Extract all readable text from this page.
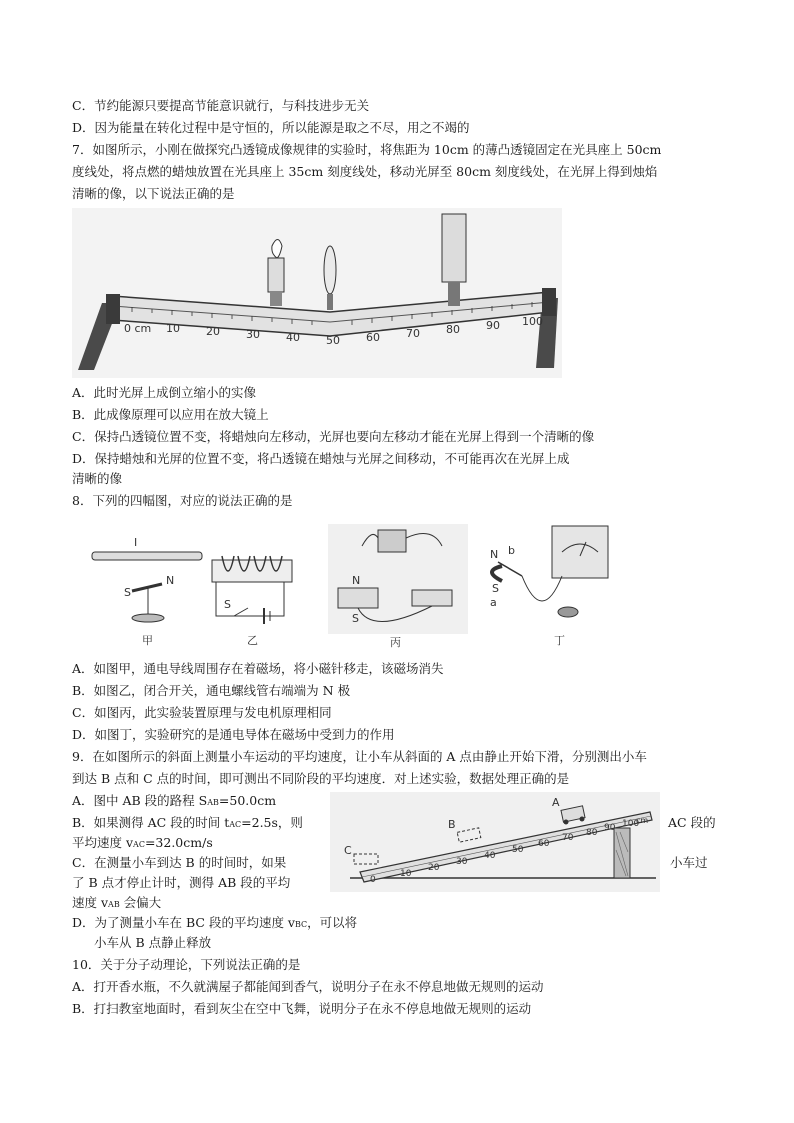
C．节约能源只要提高节能意识就行，与科技进步无关
D．因为能量在转化过程中是守恒的，所以能源是取之不尽，用之不竭的
7．如图所示，小刚在做探究凸透镜成像规律的实验时，将焦距为 10cm 的薄凸透镜固定在光具座上 50cm
度线处，将点燃的蜡烛放置在光具座上 35cm 刻度线处，移动光屏至 80cm 刻度线处，在光屏上得到烛焰
清晰的像，以下说法正确的是
0 cm 10 20 30 40 50 60 70 80 90 100
A．此时光屏上成倒立缩小的实像
B．此成像原理可以应用在放大镜上
C．保持凸透镜位置不变，将蜡烛向左移动，光屏也要向左移动才能在光屏上得到一个清晰的像
D．保持蜡烛和光屏的位置不变，将凸透镜在蜡烛与光屏之间移动，不可能再次在光屏上成
清晰的像
8．下列的四幅图，对应的说法正确的是
I
S
N
甲
S
乙
N
S
丙
N b
S
a
丁
A．如图甲，通电导线周围存在着磁场，将小磁针移走，该磁场消失
B．如图乙，闭合开关，通电螺线管右端端为 N 极
C．如图丙，此实验装置原理与发电机原理相同
D．如图丁，实验研究的是通电导体在磁场中受到力的作用
9．在如图所示的斜面上测量小车运动的平均速度，让小车从斜面的 A 点由静止开始下滑，分别测出小车
到达 B 点和 C 点的时间，即可测出不同阶段的平均速度．对上述实验，数据处理正确的是
A．图中 AB 段的路程 SAB=50.0cm
B．如果测得 AC 段的时间 tAC=2.5s，则	AC 段的
平均速度 vAC=32.0cm/s
C．在测量小车到达 B 的时间时，如果	小车过
了 B 点才停止计时，测得 AB 段的平均
速度 vAB 会偏大
D．为了测量小车在 BC 段的平均速度 vBC，可以将
小车从 B 点静止释放
0
10
20
30
40
50
60
70 80 90 100
cm
A
B
C
10．关于分子动理论，下列说法正确的是
A．打开香水瓶，不久就满屋子都能闻到香气，说明分子在永不停息地做无规则的运动
B．打扫教室地面时，看到灰尘在空中飞舞，说明分子在永不停息地做无规则的运动
